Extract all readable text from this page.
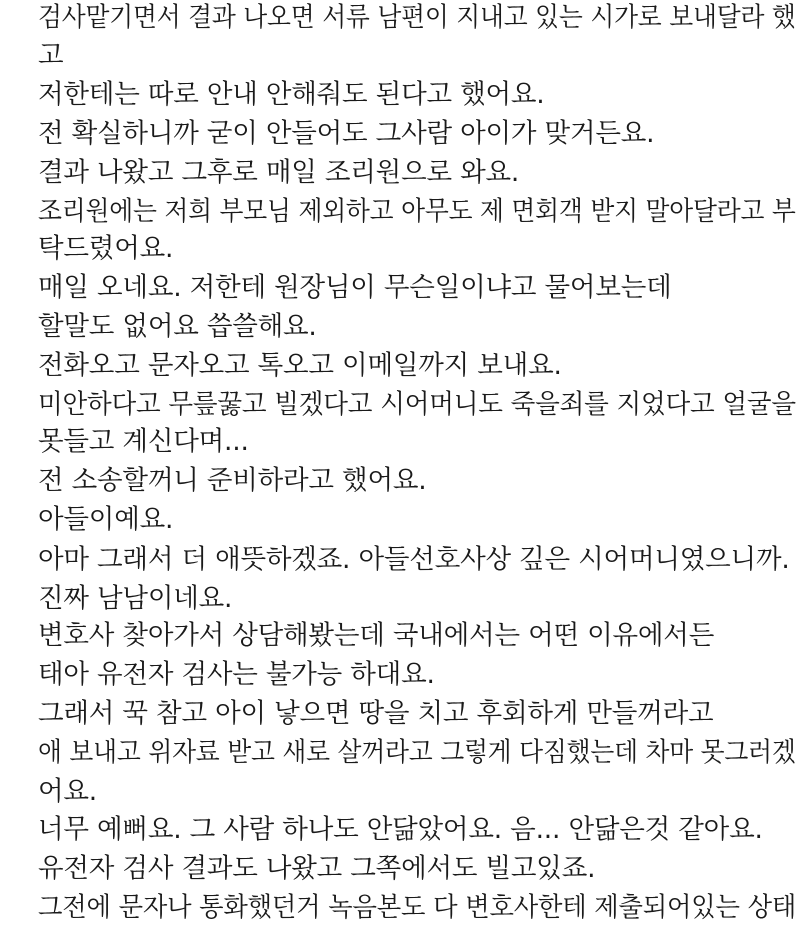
검사맡기면서 결과 나오면 서류 남편이 지내고 있는 시가로 보내달라 했

고

저한테는 따로 안내 안해줘도 된다고 했어요.

전 확실하니까 굳이 안들어도 그사람 아이가 맞거든요.

결과 나왔고 그후로 매일 조리원으로 와요.

조리원에는 저희 부모님 제외하고 아무도 제 면회객 받지 말아달라고 부

탁드렸어요.

매일 오네요. 저한테 원장님이 무슨일이냐고 물어보는데

할말도 없어요 씁쓸해요.

전화오고 문자오고 톡오고 이메일까지 보내요.

미안하다고 무릎꿇고 빌겠다고 시어머니도 죽을죄를 지었다고 얼굴을

못들고 계신다며...

전 소송할꺼니 준비하라고 했어요.

아들이예요.

아마 그래서 더 애뜻하겠죠. 아들선호사상 깊은 시어머니였으니까.

진짜 남남이네요.

변호사 찾아가서 상담해봤는데 국내에서는 어떤 이유에서든

태아 유전자 검사는 불가능 하대요.

그래서 꾹 참고 아이 낳으면 땅을 치고 후회하게 만들꺼라고

애 보내고 위자료 받고 새로 살꺼라고 그렇게 다짐했는데 차마 못그러겠

어요.

너무 예뻐요. 그 사람 하나도 안닮았어요. 음... 안닮은것 같아요.

유전자 검사 결과도 나왔고 그쪽에서도 빌고있죠.

그전에 문자나 통화했던거 녹음본도 다 변호사한테 제출되어있는 상태
